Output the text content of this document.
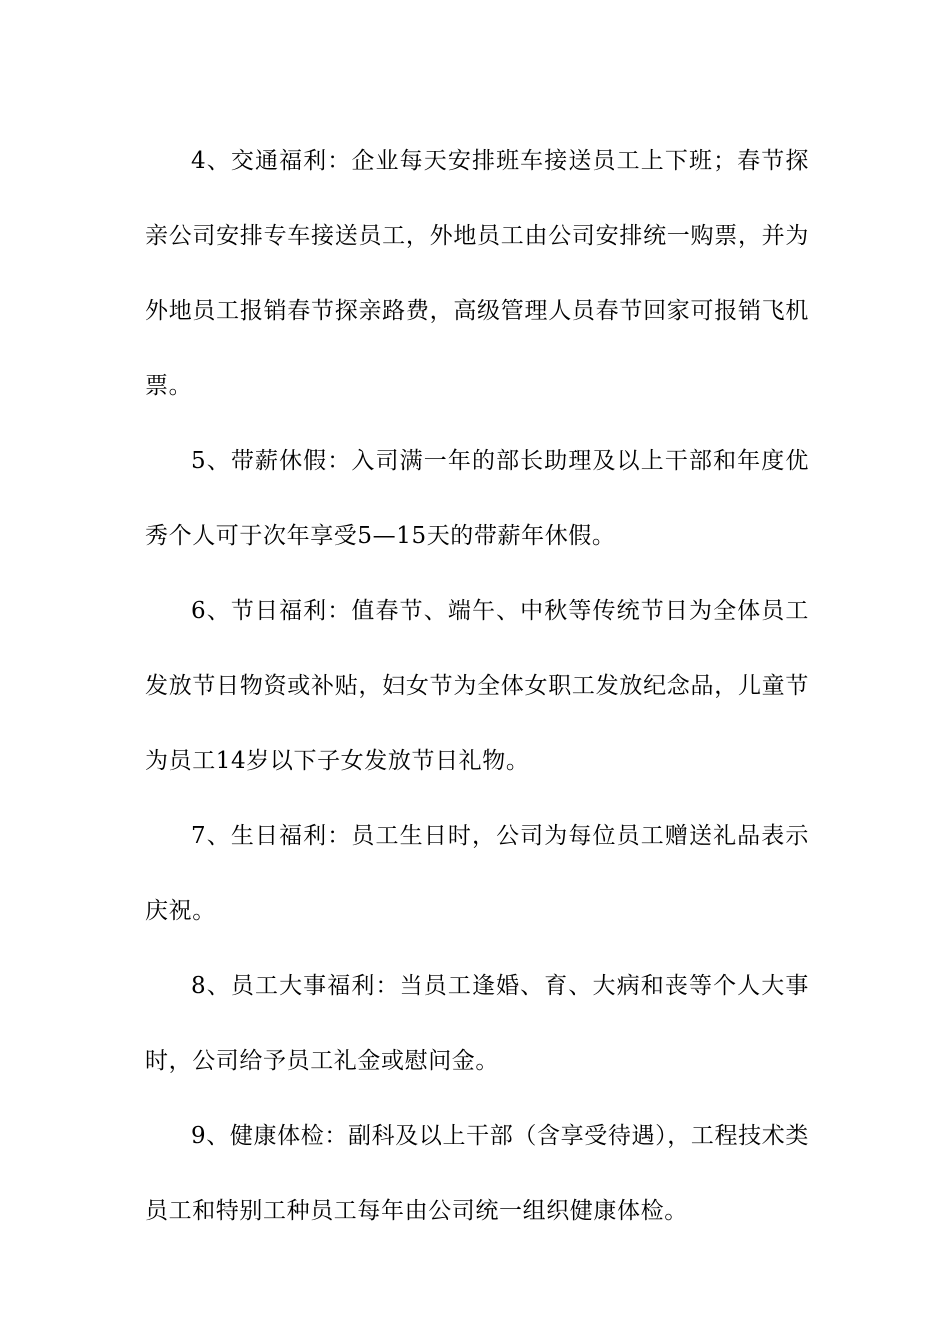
4、交通福利：企业每天安排班车接送员工上下班；春节探亲公司安排专车接送员工，外地员工由公司安排统一购票，并为外地员工报销春节探亲路费，高级管理人员春节回家可报销飞机票。

5、带薪休假：入司满一年的部长助理及以上干部和年度优秀个人可于次年享受5—15天的带薪年休假。

6、节日福利：值春节、端午、中秋等传统节日为全体员工发放节日物资或补贴，妇女节为全体女职工发放纪念品，儿童节为员工14岁以下子女发放节日礼物。

7、生日福利：员工生日时，公司为每位员工赠送礼品表示庆祝。

8、员工大事福利：当员工逢婚、育、大病和丧等个人大事时，公司给予员工礼金或慰问金。

9、健康体检：副科及以上干部（含享受待遇），工程技术类员工和特别工种员工每年由公司统一组织健康体检。
